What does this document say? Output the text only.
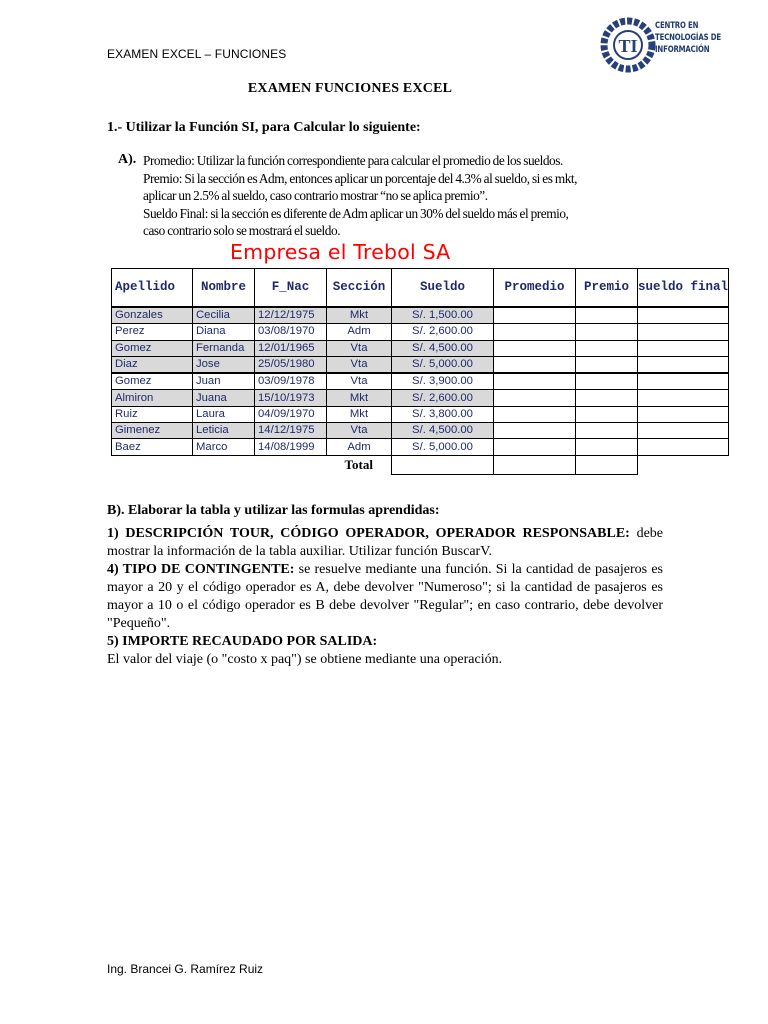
EXAMEN EXCEL – FUNCIONES	TI
CENTRO EN
TECNOLOGÍAS DE
INFORMACIÓN
EXAMEN FUNCIONES EXCEL
1.- Utilizar la Función SI, para Calcular lo siguiente:
A). Promedio: Utilizar la función correspondiente para calcular el promedio de los sueldos.
Premio: Si la sección es Adm, entonces aplicar un porcentaje del 4.3% al sueldo, si es mkt,
aplicar un 2.5% al sueldo, caso contrario mostrar “no se aplica premio”.
Sueldo Final: si la sección es diferente de Adm aplicar un 30% del sueldo más el premio,
caso contrario solo se mostrará el sueldo.
Empresa el Trebol SA
Apellido	Nombre	F_Nac	Sección	Sueldo	Promedio	Premio	sueldo final
Gonzales	Cecilia	12/12/1975	Mkt	S/. 1,500.00			
Perez	Diana	03/08/1970	Adm	S/. 2,600.00			
Gomez	Fernanda	12/01/1965	Vta	S/. 4,500.00			
Diaz	Jose	25/05/1980	Vta	S/. 5,000.00			
Gomez	Juan	03/09/1978	Vta	S/. 3,900.00			
Almiron	Juana	15/10/1973	Mkt	S/. 2,600.00			
Ruiz	Laura	04/09/1970	Mkt	S/. 3,800.00			
Gimenez	Leticia	14/12/1975	Vta	S/. 4,500.00			
Baez	Marco	14/08/1999	Adm	S/. 5,000.00			
			Total				
B). Elaborar la tabla y utilizar las formulas aprendidas:

1) DESCRIPCIÓN TOUR, CÓDIGO OPERADOR, OPERADOR RESPONSABLE: debe mostrar la información de la tabla auxiliar. Utilizar función BuscarV.

4) TIPO DE CONTINGENTE: se resuelve mediante una función. Si la cantidad de pasajeros es mayor a 20 y el código operador es A, debe devolver "Numeroso"; si la cantidad de pasajeros es mayor a 10 o el código operador es B debe devolver "Regular"; en caso contrario, debe devolver "Pequeño".

5) IMPORTE RECAUDADO POR SALIDA:
El valor del viaje (o "costo x paq") se obtiene mediante una operación.

Ing. Brancei G. Ramírez Ruiz
